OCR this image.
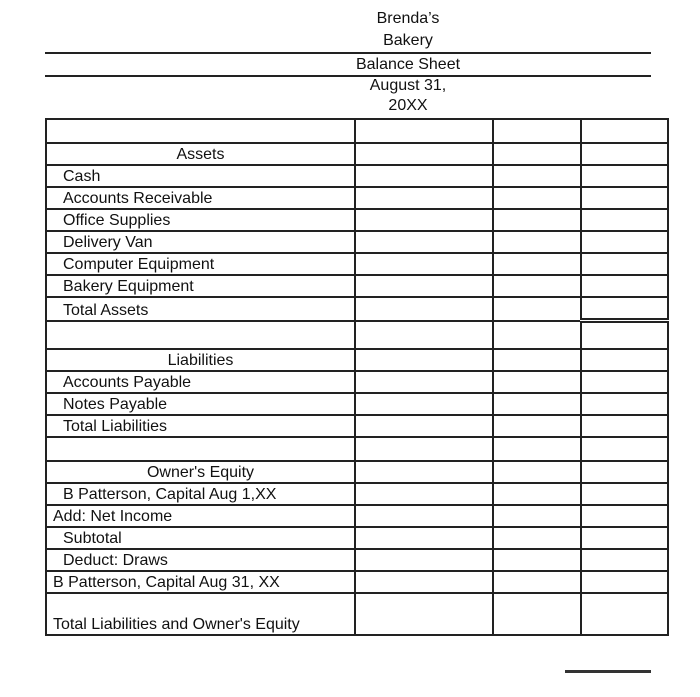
Brenda’s
Bakery
Balance Sheet
August 31,
20XX

Assets			
Cash			
Accounts Receivable			
Office Supplies			
Delivery Van			
Computer Equipment			
Bakery Equipment			
Total Assets			

Liabilities			
Accounts Payable			
Notes Payable			
Total Liabilities			

Owner's Equity			
B Patterson, Capital Aug 1,XX			
Add: Net Income			
Subtotal			
Deduct: Draws			
B Patterson, Capital Aug 31, XX			
Total Liabilities and Owner's Equity			
